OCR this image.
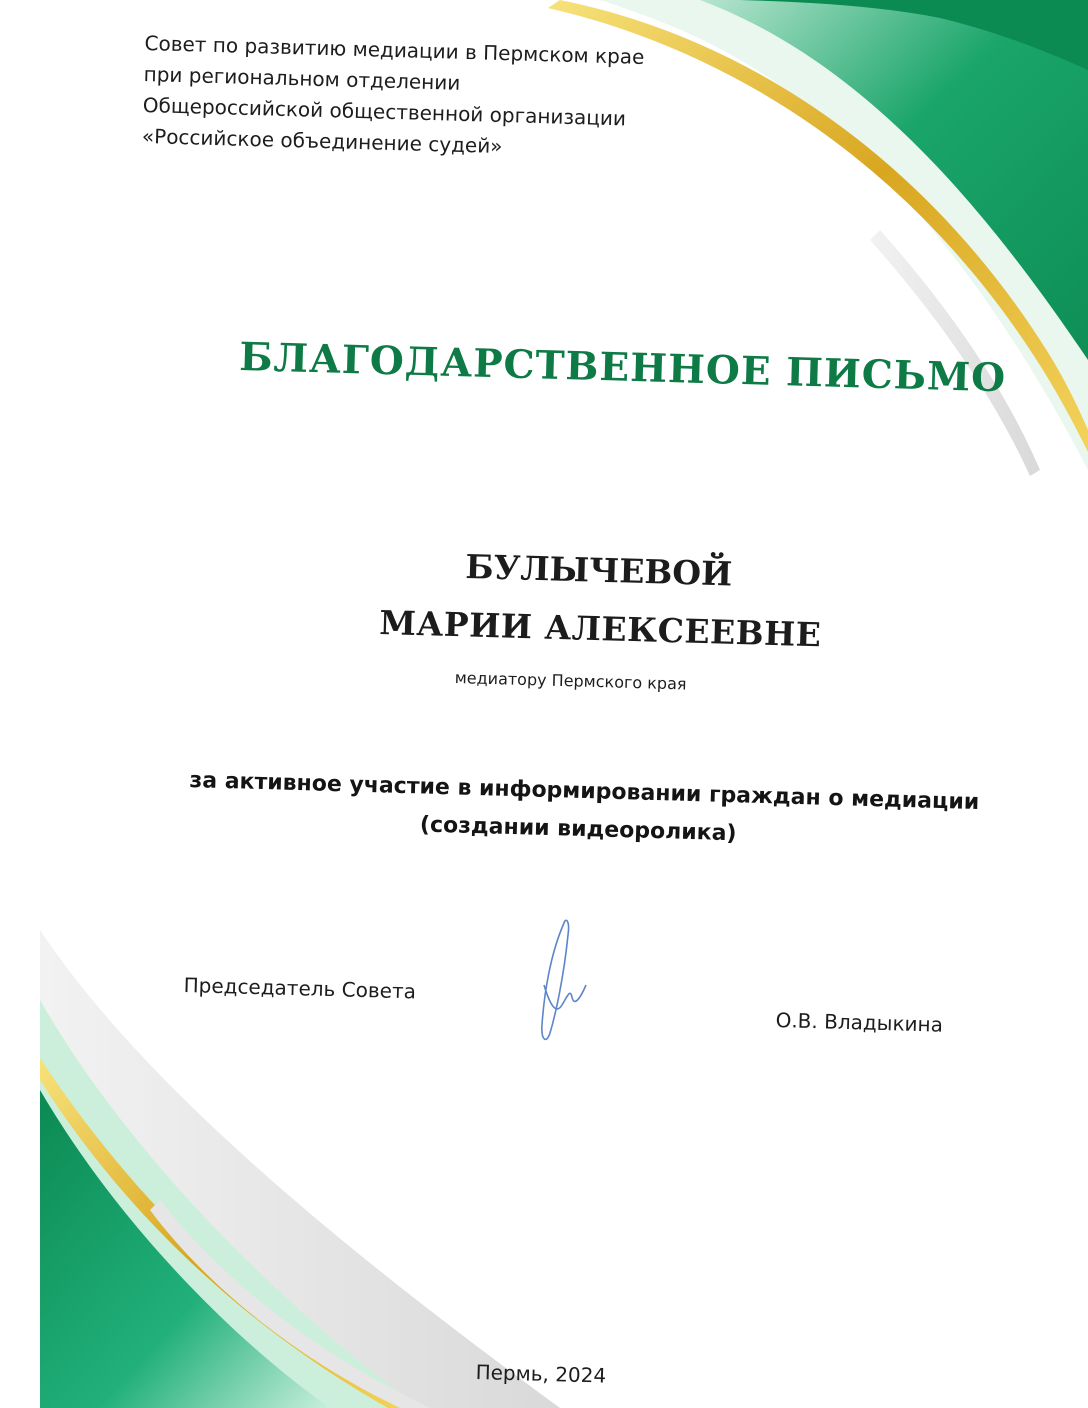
Совет по развитию медиации в Пермском крае
при региональном отделении
Общероссийской общественной организации
«Российское объединение судей»
БЛАГОДАРСТВЕННОЕ ПИСЬМО
БУЛЫЧЕВОЙ
МАРИИ АЛЕКСЕЕВНЕ
медиатору Пермского края
за активное участие в информировании граждан о медиации
(создании видеоролика)
Председатель Совета
О.В. Владыкина
Пермь, 2024
